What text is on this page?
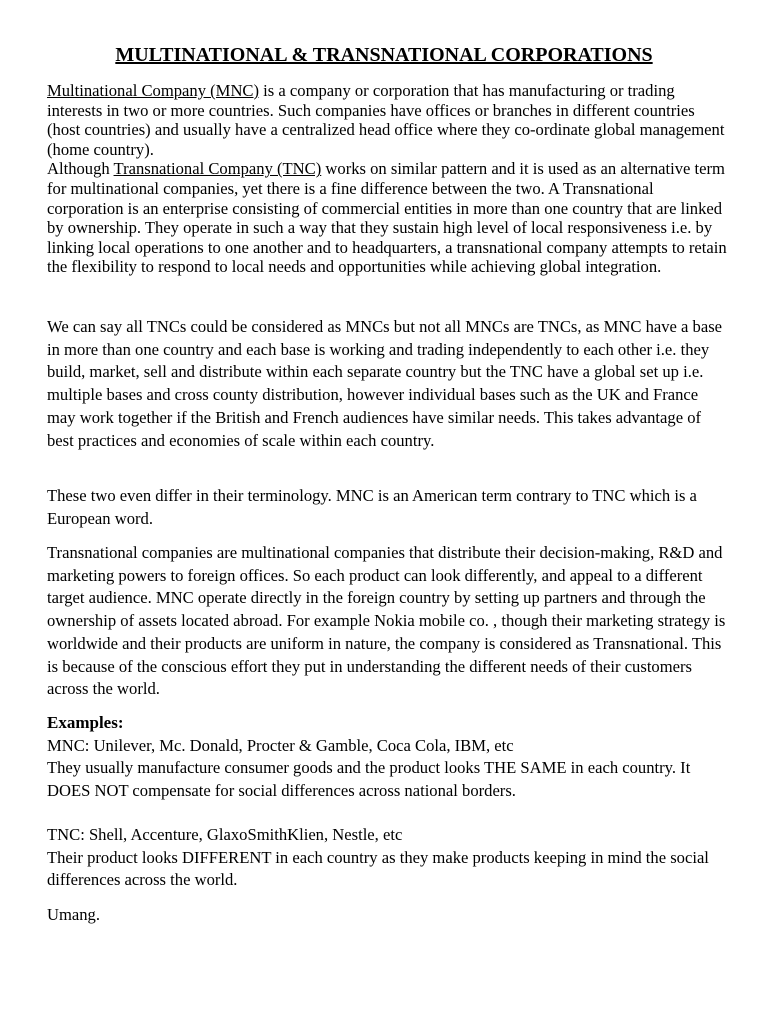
MULTINATIONAL & TRANSNATIONAL CORPORATIONS

Multinational Company (MNC) is a company or corporation that has manufacturing or trading interests in two or more countries. Such companies have offices or branches in different countries (host countries) and usually have a centralized head office where they co-ordinate global management (home country).
Although Transnational Company (TNC) works on similar pattern and it is used as an alternative term for multinational companies, yet there is a fine difference between the two. A Transnational corporation is an enterprise consisting of commercial entities in more than one country that are linked by ownership. They operate in such a way that they sustain high level of local responsiveness i.e. by linking local operations to one another and to headquarters, a transnational company attempts to retain the flexibility to respond to local needs and opportunities while achieving global integration.

We can say all TNCs could be considered as MNCs but not all MNCs are TNCs, as MNC have a base in more than one country and each base is working and trading independently to each other i.e. they build, market, sell and distribute within each separate country but the TNC have a global set up i.e. multiple bases and cross county distribution, however individual bases such as the UK and France may work together if the British and French audiences have similar needs. This takes advantage of best practices and economies of scale within each country.

These two even differ in their terminology. MNC is an American term contrary to TNC which is a European word.

Transnational companies are multinational companies that distribute their decision-making, R&D and marketing powers to foreign offices. So each product can look differently, and appeal to a different target audience. MNC operate directly in the foreign country by setting up partners and through the ownership of assets located abroad. For example Nokia mobile co. , though their marketing strategy is worldwide and their products are uniform in nature, the company is considered as Transnational. This is because of the conscious effort they put in understanding the different needs of their customers across the world.

Examples:

MNC: Unilever, Mc. Donald, Procter & Gamble, Coca Cola, IBM, etc

They usually manufacture consumer goods and the product looks THE SAME in each country. It DOES NOT compensate for social differences across national borders.

TNC: Shell, Accenture, GlaxoSmithKlien, Nestle, etc

Their product looks DIFFERENT in each country as they make products keeping in mind the social differences across the world.

Umang.
